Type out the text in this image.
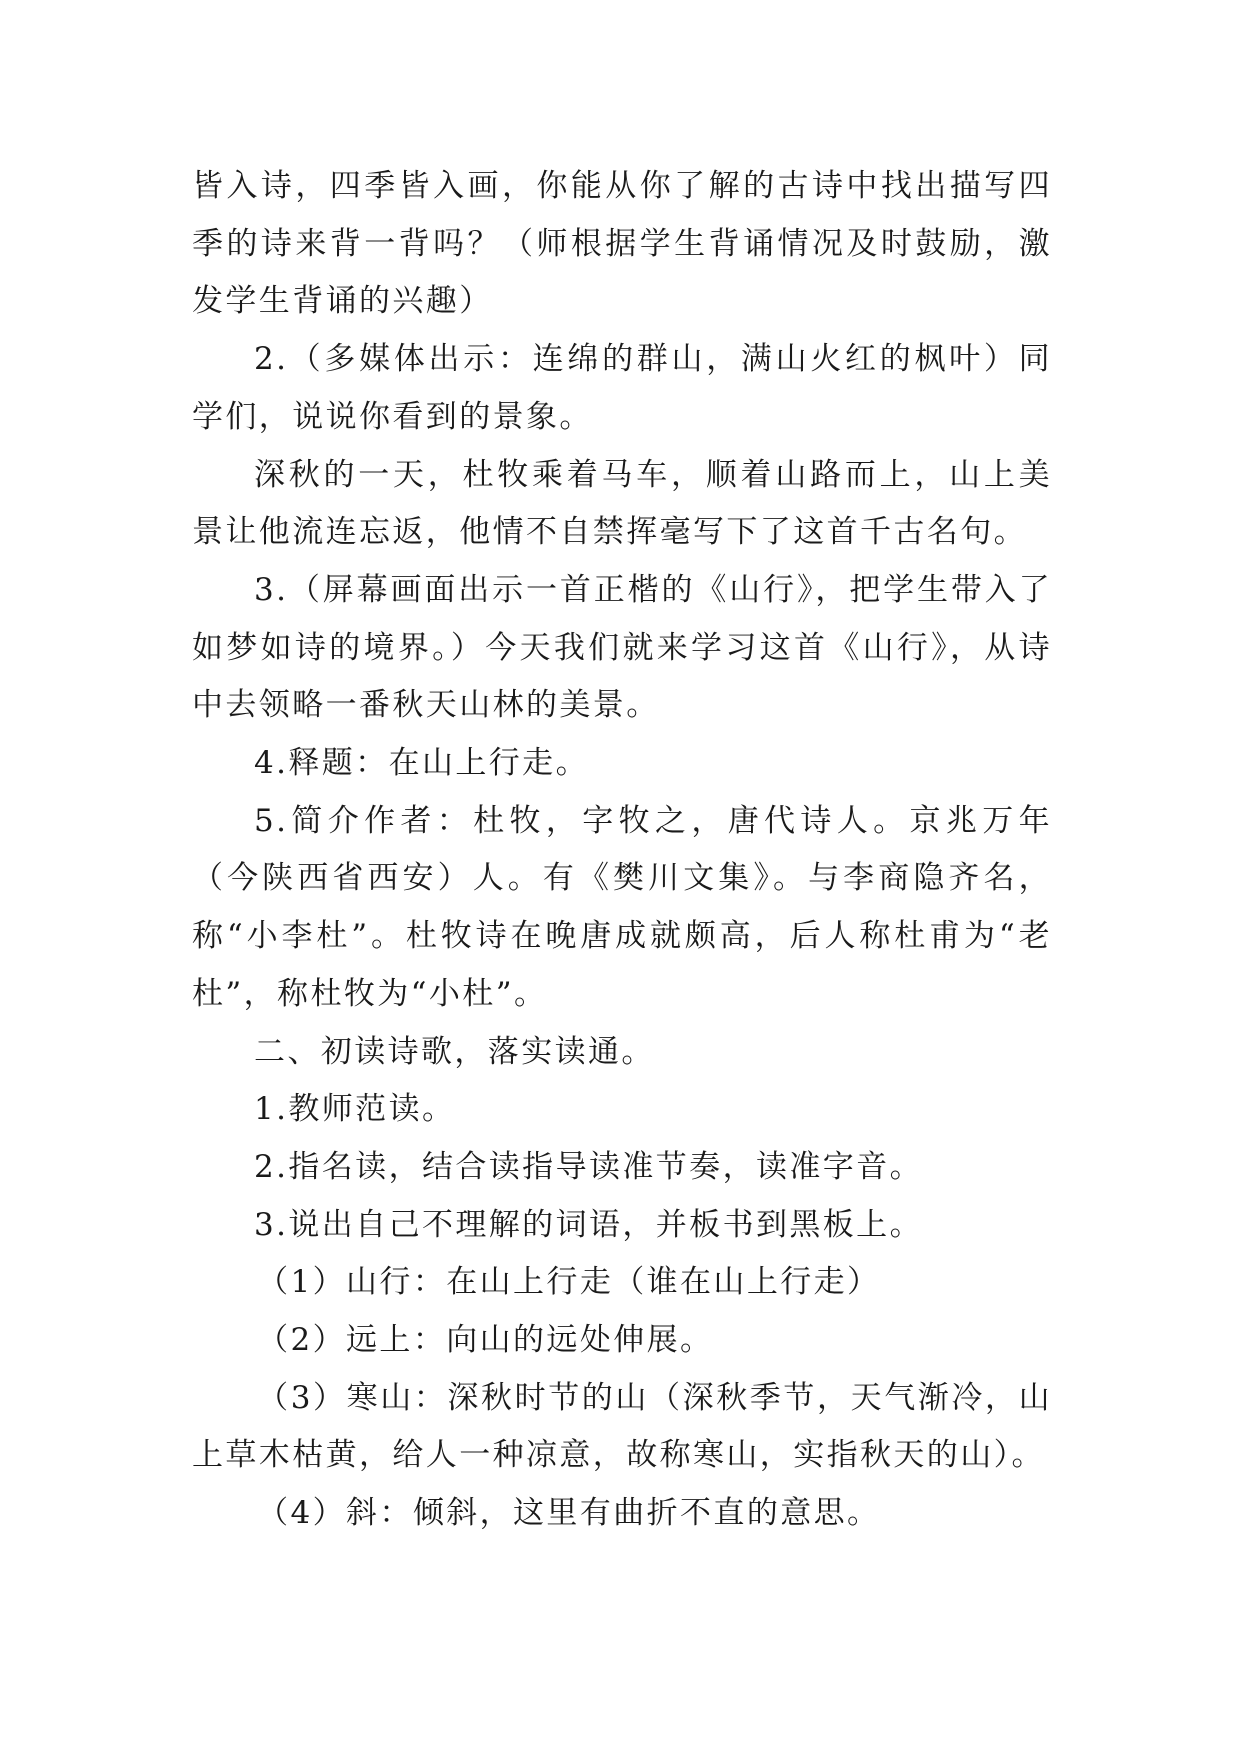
皆入诗，四季皆入画，你能从你了解的古诗中找出描写四季的诗来背一背吗？（师根据学生背诵情况及时鼓励，激发学生背诵的兴趣）

2.（多媒体出示：连绵的群山，满山火红的枫叶）同学们，说说你看到的景象。

深秋的一天，杜牧乘着马车，顺着山路而上，山上美景让他流连忘返，他情不自禁挥毫写下了这首千古名句。

3.（屏幕画面出示一首正楷的《山行》，把学生带入了如梦如诗的境界。）今天我们就来学习这首《山行》，从诗中去领略一番秋天山林的美景。

4.释题：在山上行走。

5.简介作者：杜牧，字牧之，唐代诗人。京兆万年（今陕西省西安）人。有《樊川文集》。与李商隐齐名，称“小李杜”。杜牧诗在晚唐成就颇高，后人称杜甫为“老杜”，称杜牧为“小杜”。

二、初读诗歌，落实读通。

1.教师范读。

2.指名读，结合读指导读准节奏，读准字音。

3.说出自己不理解的词语，并板书到黑板上。

（1）山行：在山上行走（谁在山上行走）

（2）远上：向山的远处伸展。

（3）寒山：深秋时节的山（深秋季节，天气渐冷，山上草木枯黄，给人一种凉意，故称寒山，实指秋天的山）。

（4）斜：倾斜，这里有曲折不直的意思。
